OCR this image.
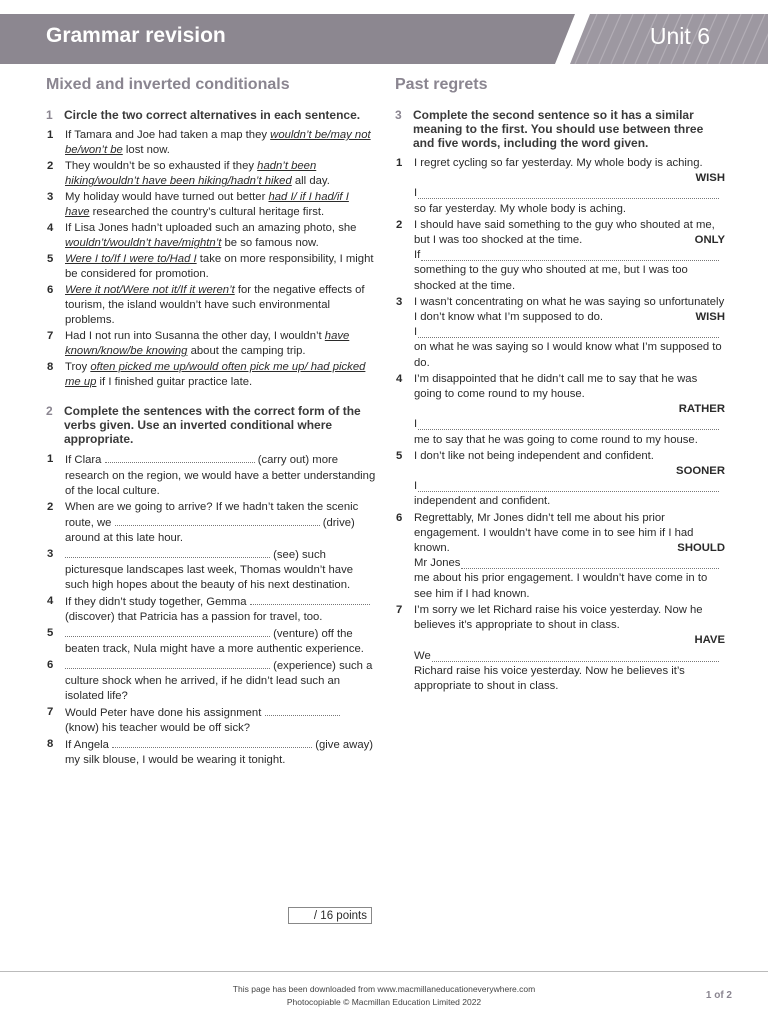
Grammar revision	Unit 6
Mixed and inverted conditionals
1 Circle the two correct alternatives in each sentence.
1	If Tamara and Joe had taken a map they wouldn’t be/may not be/won’t be lost now.
2	They wouldn’t be so exhausted if they hadn’t been hiking/wouldn’t have been hiking/hadn’t hiked all day.
3	My holiday would have turned out better had I/ if I had/if I have researched the country’s cultural heritage first.
4	If Lisa Jones hadn’t uploaded such an amazing photo, she wouldn’t/wouldn’t have/mightn’t be so famous now.
5	Were I to/If I were to/Had I take on more responsibility, I might be considered for promotion.
6	Were it not/Were not it/If it weren’t for the negative effects of tourism, the island wouldn’t have such environmental problems.
7	Had I not run into Susanna the other day, I wouldn’t have known/know/be knowing about the camping trip.
8	Troy often picked me up/would often pick me up/ had picked me up if I finished guitar practice late.
2 Complete the sentences with the correct form of the verbs given. Use an inverted conditional where appropriate.
1	If Clara	(carry out) more research on the region, we would have a better understanding of the local culture.
2	When are we going to arrive? If we hadn’t taken the scenic route, we	(drive) around at this late hour.
3	(see) such picturesque landscapes last week, Thomas wouldn’t have such high hopes about the beauty of his next destination.
4	If they didn’t study together, Gemma  (discover) that Patricia has a passion for travel, too.
5	(venture) off the beaten track, Nula might have a more authentic experience.
6	(experience) such a culture shock when he arrived, if he didn’t lead such an isolated life?
7	Would Peter have done his assignment  (know) his teacher would be off sick?
8	If Angela	(give away) my silk blouse, I would be wearing it tonight.
/ 16 points
Past regrets
3 Complete the second sentence so it has a similar meaning to the first. You should use between three and five words, including the word given.
1	I regret cycling so far yesterday. My whole body is aching.
WISH
I
so far yesterday. My whole body is aching.
2	I should have said something to the guy who shouted at me, but I was too shocked at the time.	ONLY
If
something to the guy who shouted at me, but I was too shocked at the time.
3	I wasn’t concentrating on what he was saying so unfortunately I don’t know what I’m supposed to do.	WISH
I
on what he was saying so I would know what I’m supposed to do.
4	I’m disappointed that he didn’t call me to say that he was going to come round to my house.
RATHER
I
me to say that he was going to come round to my house.
5	I don’t like not being independent and confident.
SOONER
I
independent and confident.
6	Regrettably, Mr Jones didn’t tell me about his prior engagement. I wouldn’t have come in to see him if I had known.	SHOULD
Mr Jones
me about his prior engagement. I wouldn’t have come in to see him if I had known.
7	I’m sorry we let Richard raise his voice yesterday. Now he believes it’s appropriate to shout in class.
HAVE
We
Richard raise his voice yesterday. Now he believes it’s appropriate to shout in class.
This page has been downloaded from www.macmillaneducationeverywhere.com
Photocopiable © Macmillan Education Limited 2022
1 of 2
